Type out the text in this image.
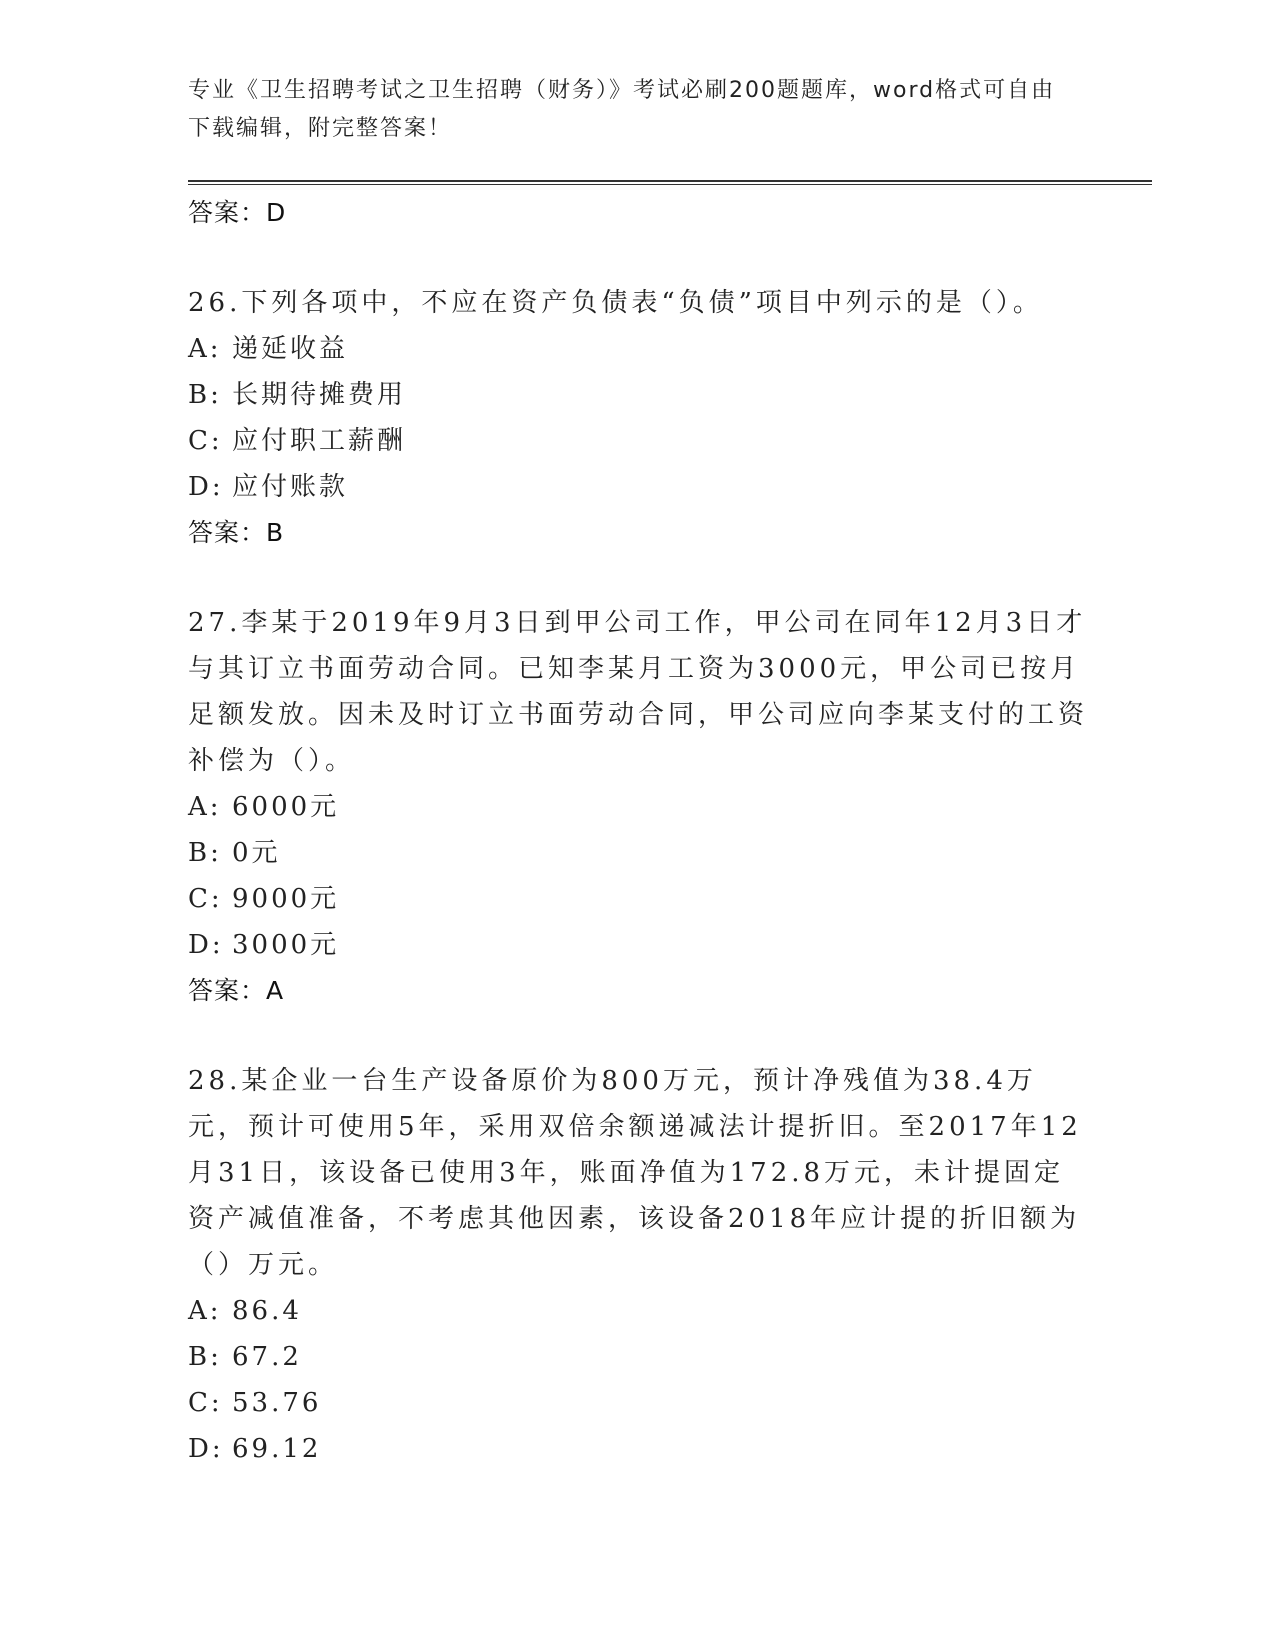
专业《卫生招聘考试之卫生招聘（财务）》考试必刷200题题库，word格式可自由下载编辑，附完整答案！

答案：D

26.下列各项中，不应在资产负债表“负债”项目中列示的是（）。

A: 递延收益

B: 长期待摊费用

C: 应付职工薪酬

D: 应付账款

答案：B

27.李某于2019年9月3日到甲公司工作，甲公司在同年12月3日才与其订立书面劳动合同。已知李某月工资为3000元，甲公司已按月足额发放。因未及时订立书面劳动合同，甲公司应向李某支付的工资补偿为（）。

A: 6000元

B: 0元

C: 9000元

D: 3000元

答案：A

28.某企业一台生产设备原价为800万元，预计净残值为38.4万元，预计可使用5年，采用双倍余额递减法计提折旧。至2017年12月31日，该设备已使用3年，账面净值为172.8万元，未计提固定资产减值准备，不考虑其他因素，该设备2018年应计提的折旧额为（）万元。

A: 86.4

B: 67.2

C: 53.76

D: 69.12
